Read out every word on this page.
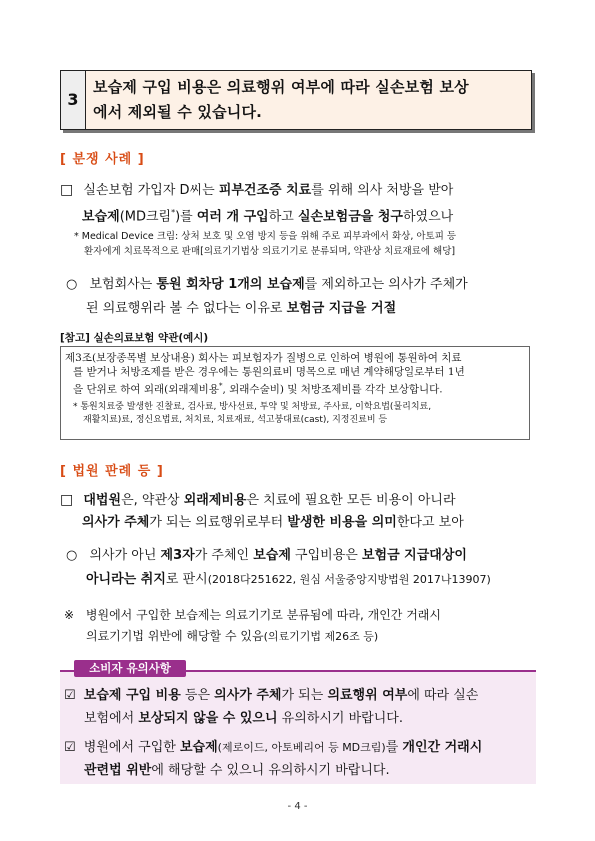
3
보습제 구입 비용은 의료행위 여부에 따라 실손보험 보상
에서 제외될 수 있습니다.
[ 분쟁 사례 ]
□ 실손보험 가입자 D씨는 피부건조증 치료를 위해 의사 처방을 받아
보습제(MD크림*)를 여러 개 구입하고 실손보험금을 청구하였으나
* Medical Device 크림: 상처 보호 및 오염 방지 등을 위해 주로 피부과에서 화상, 아토피 등
환자에게 치료목적으로 판매[의료기기법상 의료기기로 분류되며, 약관상 치료재료에 해당]
○ 보험회사는 통원 회차당 1개의 보습제를 제외하고는 의사가 주체가
된 의료행위라 볼 수 없다는 이유로 보험금 지급을 거절
[참고] 실손의료보험 약관(예시)
제3조(보장종목별 보상내용) 회사는 피보험자가 질병으로 인하여 병원에 통원하여 치료
를 받거나 처방조제를 받은 경우에는 통원의료비 명목으로 매년 계약해당일로부터 1년
을 단위로 하여 외래(외래제비용*, 외래수술비) 및 처방조제비를 각각 보상합니다.
* 통원치료중 발생한 진찰료, 검사료, 방사선료, 투약 및 처방료, 주사료, 이학요법(물리치료,
재활치료)료, 정신요법료, 처치료, 치료재료, 석고붕대료(cast), 지정진료비 등
[ 법원 판례 등 ]
□ 대법원은, 약관상 외래제비용은 치료에 필요한 모든 비용이 아니라
의사가 주체가 되는 의료행위로부터 발생한 비용을 의미한다고 보아
○ 의사가 아닌 제3자가 주체인 보습제 구입비용은 보험금 지급대상이
아니라는 취지로 판시(2018다251622, 원심 서울중앙지방법원 2017나13907)
※ 병원에서 구입한 보습제는 의료기기로 분류됨에 따라, 개인간 거래시
의료기기법 위반에 해당할 수 있음(의료기기법 제26조 등)
소비자 유의사항
☑ 보습제 구입 비용 등은 의사가 주체가 되는 의료행위 여부에 따라 실손
보험에서 보상되지 않을 수 있으니 유의하시기 바랍니다.
☑ 병원에서 구입한 보습제(제로이드, 아토베리어 등 MD크림)를 개인간 거래시
관련법 위반에 해당할 수 있으니 유의하시기 바랍니다.
- 4 -
